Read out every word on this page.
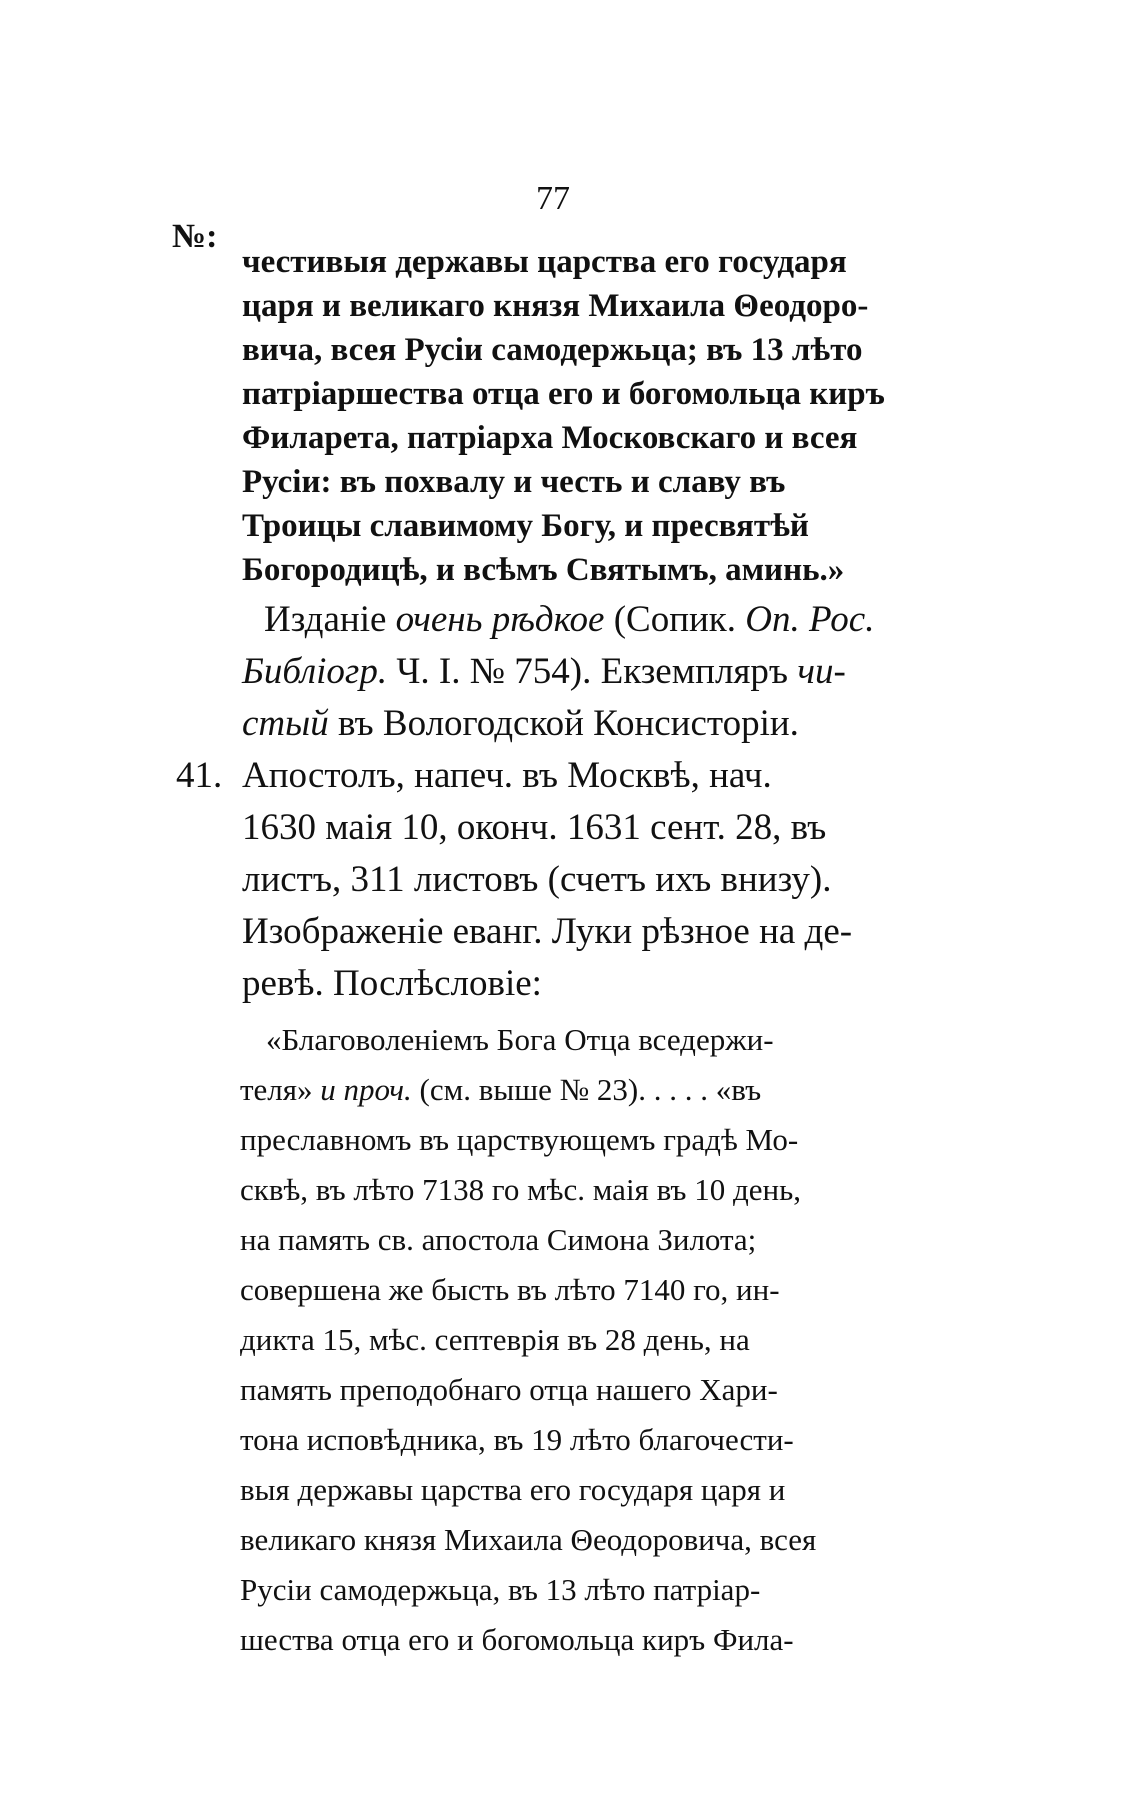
77
№:
честивыя державы царства его государя
царя и великаго князя Михаила Θеодоро-
вича, всея Русіи самодержьца; въ 13 лѣто
патріаршества отца его и богомольца киръ
Филарета, патріарха Московскаго и всея
Русіи: въ похвалу и честь и славу въ
Троицы славимому Богу, и пресвятѣй
Богородицѣ, и всѣмъ Святымъ, аминь.»
Изданіе очень рѣдкое (Сопик. Оп. Рос.
Библіогр. Ч. I. № 754). Екземпляръ чи-
стый въ Вологодской Консисторіи.
41. Апостолъ, напеч. въ Москвѣ, нач.
1630 маія 10, оконч. 1631 сент. 28, въ
листъ, 311 листовъ (счетъ ихъ внизу).
Изображеніе еванг. Луки рѣзное на де-
ревѣ. Послѣсловіе:
«Благоволеніемъ Бога Отца вседержи-
теля» и проч. (см. выше № 23). . . . . «въ
преславномъ въ царствующемъ градѣ Мо-
сквѣ, въ лѣто 7138 го мѣс. маія въ 10 день,
на память св. апостола Симона Зилота;
совершена же бысть въ лѣто 7140 го, ин-
дикта 15, мѣс. септеврія въ 28 день, на
память преподобнаго отца нашего Хари-
тона исповѣдника, въ 19 лѣто благочести-
выя державы царства его государя царя и
великаго князя Михаила Θеодоровича, всея
Русіи самодержьца, въ 13 лѣто патріар-
шества отца его и богомольца киръ Фила-
